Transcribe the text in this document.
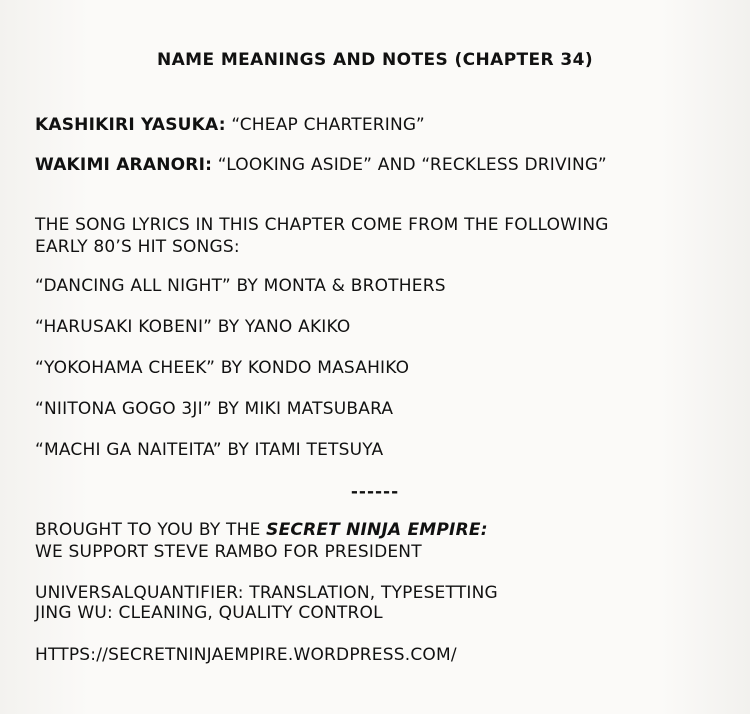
NAME MEANINGS AND NOTES (CHAPTER 34)
KASHIKIRI YASUKA: “CHEAP CHARTERING”
WAKIMI ARANORI: “LOOKING ASIDE” AND “RECKLESS DRIVING”
THE SONG LYRICS IN THIS CHAPTER COME FROM THE FOLLOWING
EARLY 80’S HIT SONGS:
“DANCING ALL NIGHT” BY MONTA & BROTHERS
“HARUSAKI KOBENI” BY YANO AKIKO
“YOKOHAMA CHEEK” BY KONDO MASAHIKO
“NIITONA GOGO 3JI” BY MIKI MATSUBARA
“MACHI GA NAITEITA” BY ITAMI TETSUYA
------
BROUGHT TO YOU BY THE SECRET NINJA EMPIRE:
WE SUPPORT STEVE RAMBO FOR PRESIDENT
UNIVERSALQUANTIFIER: TRANSLATION, TYPESETTING
JING WU: CLEANING, QUALITY CONTROL
HTTPS://SECRETNINJAEMPIRE.WORDPRESS.COM/
